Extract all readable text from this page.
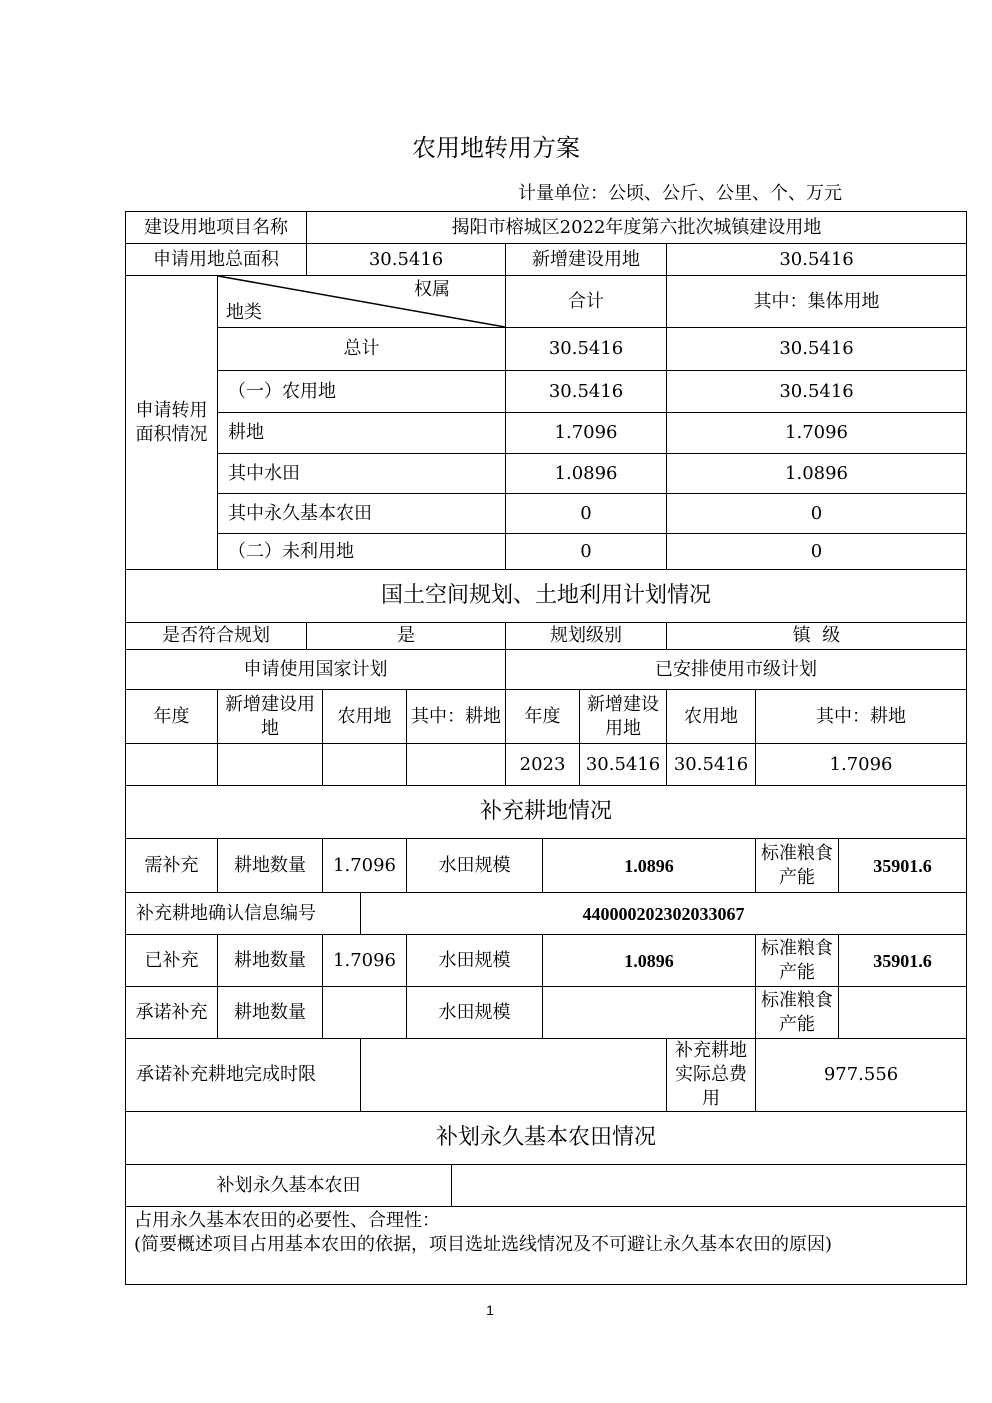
农用地转用方案
计量单位：公顷、公斤、公里、个、万元
建设用地项目名称		揭阳市榕城区2022年度第六批次城镇建设用地										
申请用地总面积		30.5416					新增建设用地			30.5416		
申请转用面积情况	权属
地类						合计			其中：集体用地		
	总计						30.5416			30.5416		
	（一）农用地						30.5416			30.5416		
	耕地						1.7096			1.7096		
	其中水田						1.0896			1.0896		
	其中永久基本农田						0			0		
	（二）未利用地						0			0		
国土空间规划、土地利用计划情况												
是否符合规划		是					规划级别			镇  级		
申请使用国家计划							已安排使用市级计划					
年度	新增建设用地		农用地		其中：耕地		年度		新增建设用地	农用地	其中：耕地	
							2023		30.5416	30.5416	1.7096	
补充耕地情况												
需补充	耕地数量		1.7096		水田规模			1.0896			标准粮食产能	35901.6
补充耕地确认信息编号				440000202302033067								
已补充	耕地数量		1.7096		水田规模			1.0896			标准粮食产能	35901.6
承诺补充	耕地数量				水田规模						标准粮食产能	
承诺补充耕地完成时限										补充耕地实际总费用	977.556	
补划永久基本农田情况												
补划永久基本农田												

占用永久基本农田的必要性、合理性：
(简要概述项目占用基本农田的依据，项目选址选线情况及不可避让永久基本农田的原因)												
1
